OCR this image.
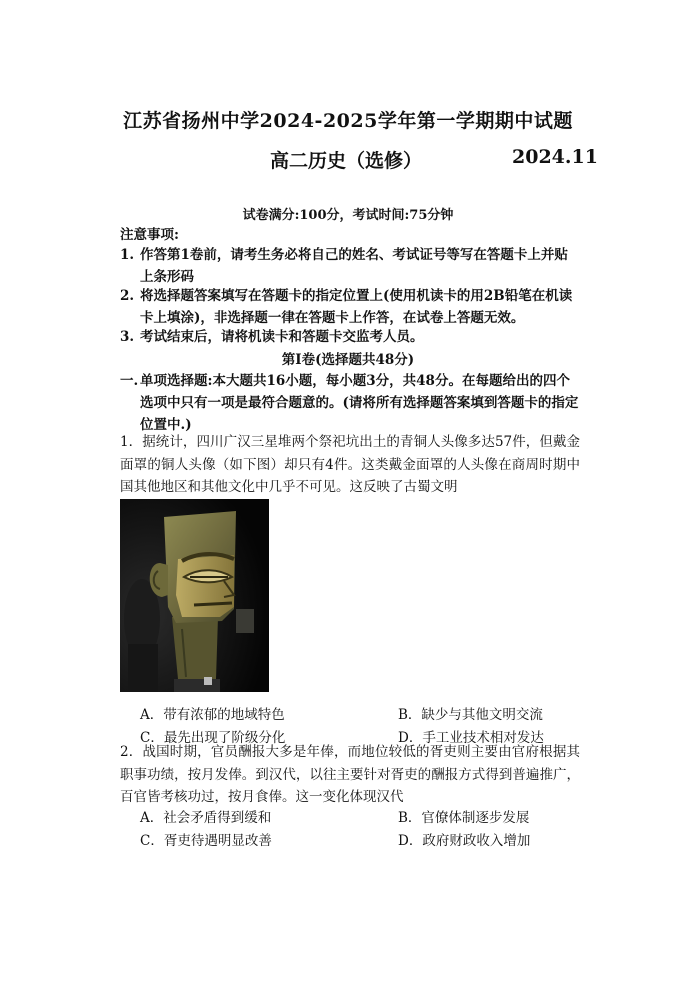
江苏省扬州中学2024-2025学年第一学期期中试题
高二历史（选修）	2024.11
试卷满分:100分，考试时间:75分钟
注意事项:
1. 作答第1卷前，请考生务必将自己的姓名、考试证号等写在答题卡上并贴上条形码
2. 将选择题答案填写在答题卡的指定位置上(使用机读卡的用2B铅笔在机读卡上填涂)，非选择题一律在答题卡上作答，在试卷上答题无效。
3. 考试结束后，请将机读卡和答题卡交监考人员。
第Ⅰ卷(选择题共48分)
一. 单项选择题:本大题共16小题，每小题3分，共48分。在每题给出的四个选项中只有一项是最符合题意的。(请将所有选择题答案填到答题卡的指定位置中.)
1．据统计，四川广汉三星堆两个祭祀坑出土的青铜人头像多达57件，但戴金面罩的铜人头像（如下图）却只有4件。这类戴金面罩的人头像在商周时期中国其他地区和其他文化中几乎不可见。这反映了古蜀文明
A．带有浓郁的地域特色	B．缺少与其他文明交流
C．最先出现了阶级分化	D．手工业技术相对发达
2．战国时期，官员酬报大多是年俸，而地位较低的胥吏则主要由官府根据其职事功绩，按月发俸。到汉代，以往主要针对胥吏的酬报方式得到普遍推广，百官皆考核功过，按月食俸。这一变化体现汉代
A．社会矛盾得到缓和	B．官僚体制逐步发展
C．胥吏待遇明显改善	D．政府财政收入增加
